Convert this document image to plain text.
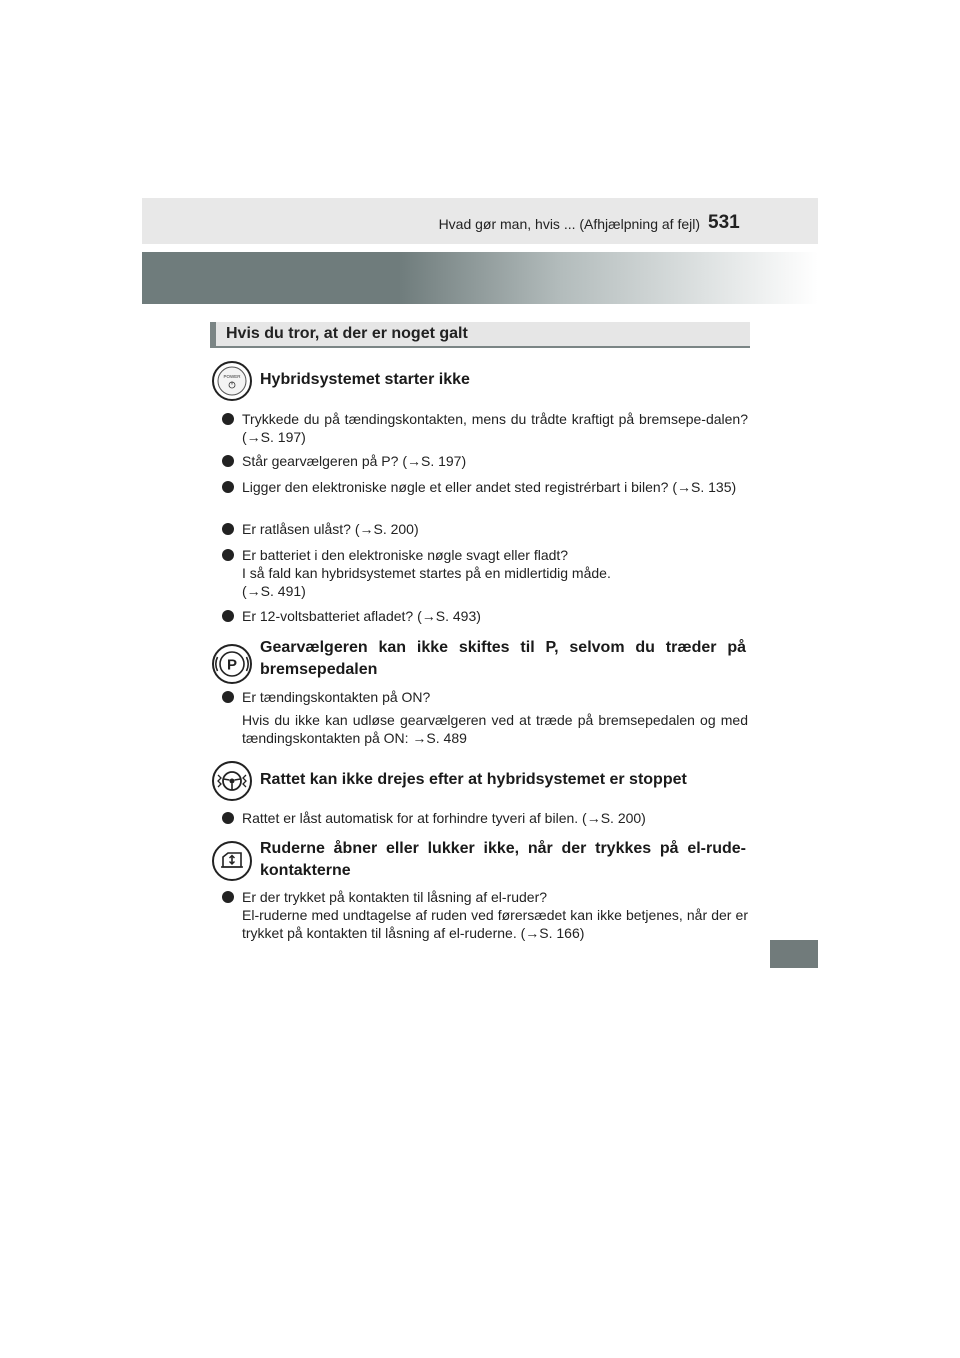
Hvad gør man, hvis ... (Afhjælpning af fejl) 531
Hvis du tror, at der er noget galt
POWER Hybridsystemet starter ikke
Trykkede du på tændingskontakten, mens du trådte kraftigt på bremsepe-dalen? (→S. 197)
Står gearvælgeren på P? (→S. 197)
Ligger den elektroniske nøgle et eller andet sted registrérbart i bilen? (→S. 135)
Er ratlåsen ulåst? (→S. 200)
Er batteriet i den elektroniske nøgle svagt eller fladt?
I så fald kan hybridsystemet startes på en midlertidig måde.
(→S. 491)
Er 12-voltsbatteriet afladet? (→S. 493)
P
Gearvælgeren kan ikke skiftes til P, selvom du træder på bremsepedalen
Er tændingskontakten på ON?
Hvis du ikke kan udløse gearvælgeren ved at træde på bremsepedalen og med tændingskontakten på ON: →S. 489
Rattet kan ikke drejes efter at hybridsystemet er stoppet
Rattet er låst automatisk for at forhindre tyveri af bilen. (→S. 200)
Ruderne åbner eller lukker ikke, når der trykkes på el-rude-kontakterne
Er der trykket på kontakten til låsning af el-ruder?
El-ruderne med undtagelse af ruden ved førersædet kan ikke betjenes, når der er trykket på kontakten til låsning af el-ruderne. (→S. 166)
